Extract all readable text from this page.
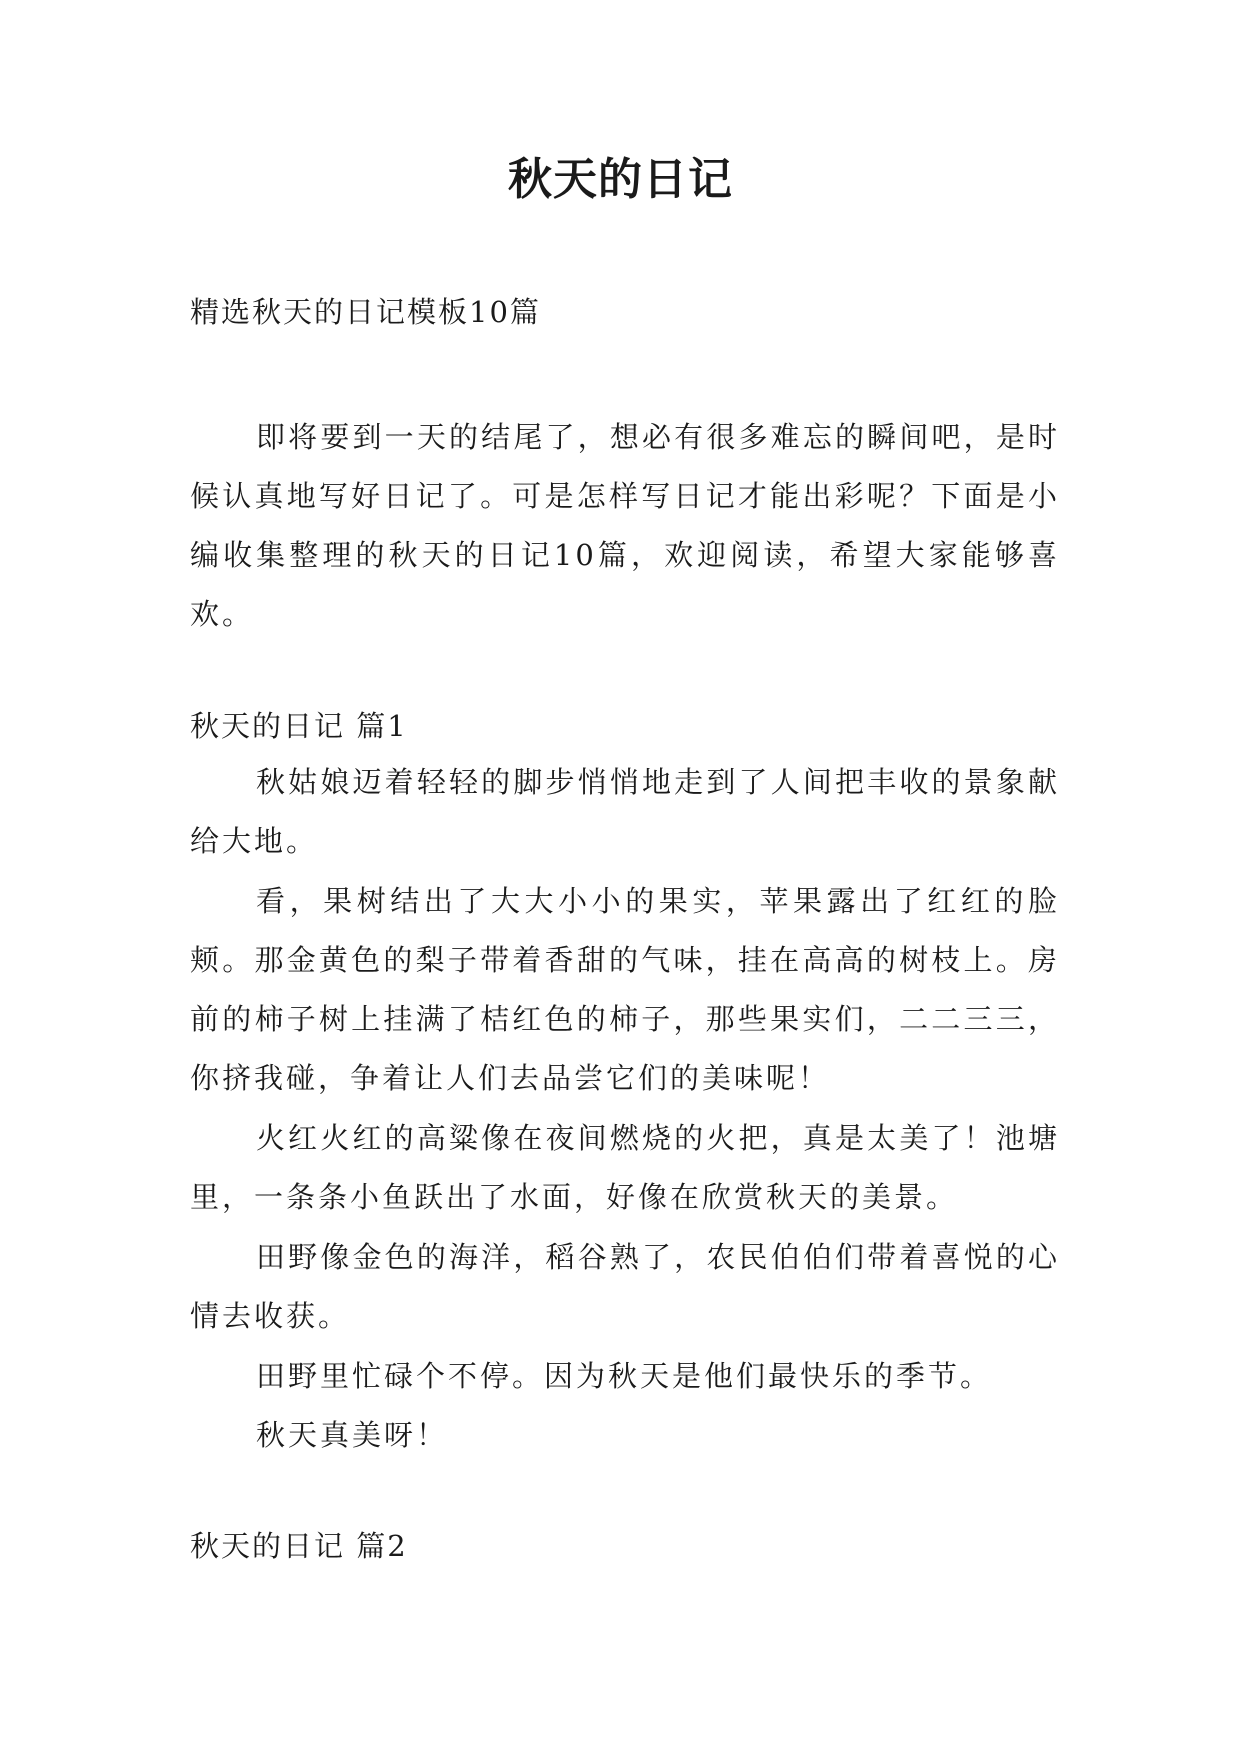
秋天的日记
精选秋天的日记模板10篇

即将要到一天的结尾了，想必有很多难忘的瞬间吧，是时候认真地写好日记了。可是怎样写日记才能出彩呢？下面是小编收集整理的秋天的日记10篇，欢迎阅读，希望大家能够喜欢。

秋天的日记 篇1

秋姑娘迈着轻轻的脚步悄悄地走到了人间把丰收的景象献给大地。

看，果树结出了大大小小的果实，苹果露出了红红的脸颊。那金黄色的梨子带着香甜的气味，挂在高高的树枝上。房前的柿子树上挂满了桔红色的柿子，那些果实们，二二三三，你挤我碰，争着让人们去品尝它们的美味呢！

火红火红的高粱像在夜间燃烧的火把，真是太美了！池塘里，一条条小鱼跃出了水面，好像在欣赏秋天的美景。

田野像金色的海洋，稻谷熟了，农民伯伯们带着喜悦的心情去收获。

田野里忙碌个不停。因为秋天是他们最快乐的季节。

秋天真美呀！

秋天的日记 篇2
